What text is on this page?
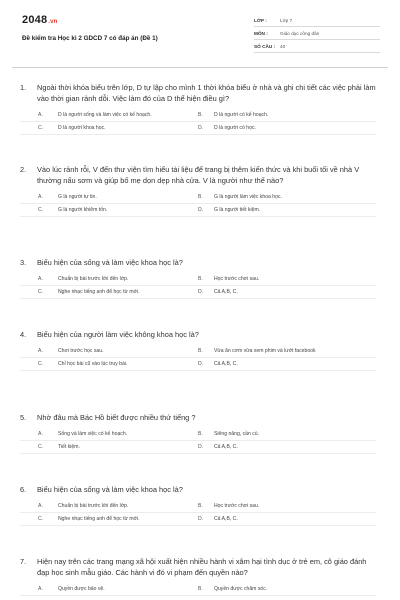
2048.vn
Đề kiểm tra Học kì 2 GDCD 7 có đáp án (Đề 1)
LỚP :	Lớp 7
MÔN :	Giáo dục công dân
SỐ CÂU :	40
1.	Ngoài thời khóa biểu trên lớp, D tự lập cho mình 1 thời khóa biểu ở nhà và ghi chi tiết các việc phải làm vào thời gian rảnh dỗi. Việc làm đó của D thể hiện điều gì?
A.	D là người sống và làm việc có kế hoạch.	B.	D là người có kế hoạch.
C.	D là người khoa học.	D.	D là người có học.
2.	Vào lúc rảnh rỗi, V đến thư viện tìm hiểu tài liệu để trang bị thêm kiến thức và khi buổi tối về nhà V thường nấu sơm và giúp bố mẹ dọn dẹp nhà cửa. V là người như thế nào?
A.	G là người tự tin.	B.	G là người làm việc khoa học.
C.	G là người khiêm tốn.	D.	G là người tiết kiệm.
3.	Biểu hiện của sống và làm việc khoa học là?
A.	Chuẩn bị bài trước khi đến lớp.	B.	Học trước chơi sau.
C.	Nghe nhạc tiếng anh để học từ mới.	D.	Cả A,B, C.
4.	Biểu hiện của người làm việc không khoa học là?
A.	Chơi trước học sau.	B.	Vừa ăn cơm vừa xem phim và lướt facebook
C.	Chỉ học bài cũ vào lúc truy bài.	D.	Cả A,B, C.
5.	Nhờ đâu mà Bác Hồ biết được nhiều thứ tiếng ?
A.	Sống và làm việc có kế hoạch.	B.	Siêng năng, cần cù.
C.	Tiết kiệm.	D.	Cả A,B, C.
6.	Biểu hiện của sống và làm việc khoa học là?
A.	Chuẩn bị bài trước khi đến lớp.	B.	Học trước chơi sau.
C.	Nghe nhạc tiếng anh để học từ mới.	D.	Cả A,B, C.
7.	Hiện nay trên các trang mạng xã hội xuất hiện nhiều hành vi xâm hại tình dục ở trẻ em, cô giáo đánh đạp học sinh mẫu giáo. Các hành vi đó vi phạm đến quyền nào?
A.	Quyền được bảo vệ.	B.	Quyền được chăm sóc.
